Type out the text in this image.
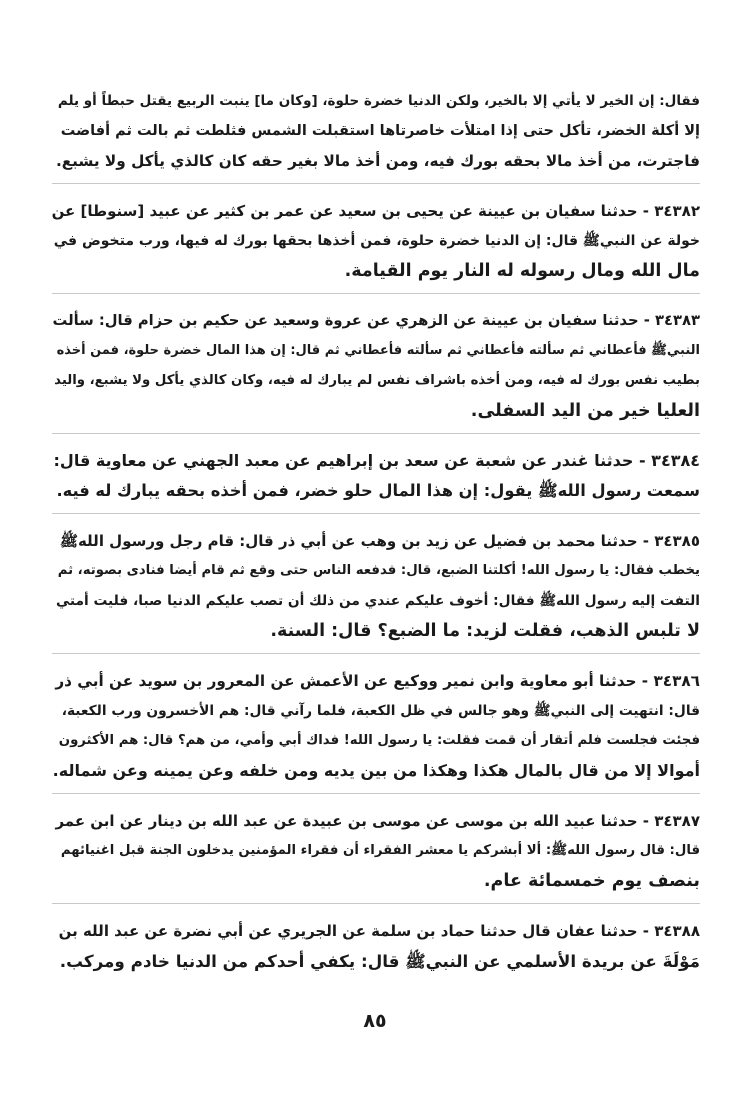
فقال: إن الخير لا يأتي إلا بالخير، ولكن الدنيا خضرة حلوة، [وكان ما] ينبت الربيع يقتل حبطاً أو يلم
إلا أكلة الخضر، تأكل حتى إذا امتلأت خاصرتاها استقبلت الشمس فثلطت ثم بالت ثم أفاضت
فاجترت، من أخذ مالا بحقه بورك فيه، ومن أخذ مالا بغير حقه كان كالذي يأكل ولا يشبع.
٣٤٣٨٢ - حدثنا سفيان بن عيينة عن يحيى بن سعيد عن عمر بن كثير عن عبيد [سنوطا] عن
خولة عن النبيﷺ قال: إن الدنيا خضرة حلوة، فمن أخذها بحقها بورك له فيها، ورب متخوض في
مال الله ومال رسوله له النار يوم القيامة.
٣٤٣٨٣ - حدثنا سفيان بن عيينة عن الزهري عن عروة وسعيد عن حكيم بن حزام قال: سألت
النبيﷺ فأعطاني ثم سألته فأعطاني ثم سألته فأعطاني ثم قال: إن هذا المال خضرة حلوة، فمن أخذه
بطيب نفس بورك له فيه، ومن أخذه باشراف نفس لم يبارك له فيه، وكان كالذي يأكل ولا يشبع، واليد
العليا خير من اليد السفلى.
٣٤٣٨٤ - حدثنا غندر عن شعبة عن سعد بن إبراهيم عن معبد الجهني عن معاوية قال:
سمعت رسول اللهﷺ يقول: إن هذا المال حلو خضر، فمن أخذه بحقه يبارك له فيه.
٣٤٣٨٥ - حدثنا محمد بن فضيل عن زيد بن وهب عن أبي ذر قال: قام رجل ورسول اللهﷺ
يخطب فقال: يا رسول الله! أكلتنا الضبع، قال: فدفعه الناس حتى وقع ثم قام أيضا فنادى بصوته، ثم
التفت إليه رسول اللهﷺ فقال: أخوف عليكم عندي من ذلك أن تصب عليكم الدنيا صبا، فليت أمتي
لا تلبس الذهب، فقلت لزيد: ما الضبع؟ قال: السنة.
٣٤٣٨٦ - حدثنا أبو معاوية وابن نمير ووكيع عن الأعمش عن المعرور بن سويد عن أبي ذر
قال: انتهيت إلى النبيﷺ وهو جالس في ظل الكعبة، فلما رآني قال: هم الأخسرون ورب الكعبة،
فجئت فجلست فلم أتقار أن قمت فقلت: يا رسول الله! فداك أبي وأمي، من هم؟ قال: هم الأكثرون
أموالا إلا من قال بالمال هكذا وهكذا من بين يديه ومن خلفه وعن يمينه وعن شماله.
٣٤٣٨٧ - حدثنا عبيد الله بن موسى عن موسى بن عبيدة عن عبد الله بن دينار عن ابن عمر
قال: قال رسول اللهﷺ: ألا أبشركم يا معشر الفقراء أن فقراء المؤمنين يدخلون الجنة قبل اغنيائهم
بنصف يوم خمسمائة عام.
٣٤٣٨٨ - حدثنا عفان قال حدثنا حماد بن سلمة عن الجريري عن أبي نضرة عن عبد الله بن
مَوْلَةَ عن بريدة الأسلمي عن النبيﷺ قال: يكفي أحدكم من الدنيا خادم ومركب.
٨٥
